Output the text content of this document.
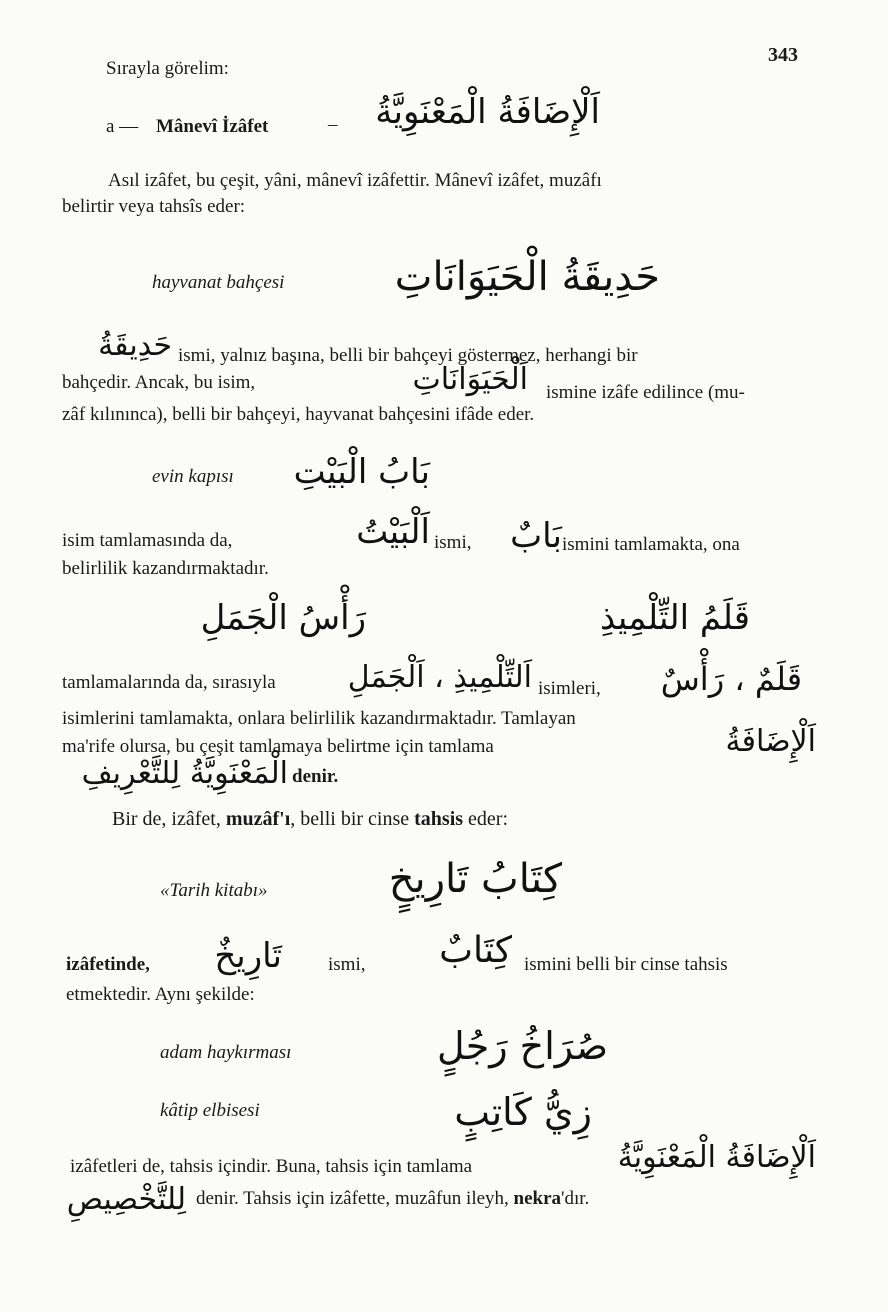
343
Sırayla görelim:
a — Mânevî İzâfet	– اَلْإِضَافَةُ الْمَعْنَوِيَّةُ
Asıl izâfet, bu çeşit, yâni, mânevî izâfettir. Mânevî izâfet, muzâfı
belirtir veya tahsîs eder:
hayvanat bahçesi	حَدِيقَةُ الْحَيَوَانَاتِ
حَدِيقَةُ ismi, yalnız başına, belli bir bahçeyi göstermez, herhangi bir
bahçedir. Ancak, bu isim,	اَلْحَيَوَانَاتِ ismine izâfe edilince (mu-
zâf kılınınca), belli bir bahçeyi, hayvanat bahçesini ifâde eder.
evin kapısı بَابُ الْبَيْتِ
isim tamlamasında da,	اَلْبَيْتُ ismi, بَابٌ ismini tamlamakta, ona
belirlilik kazandırmaktadır.
رَأْسُ الْجَمَلِ	قَلَمُ التِّلْمِيذِ
tamlamalarında da, sırasıyla اَلتِّلْمِيذِ ، اَلْجَمَلِ isimleri, قَلَمٌ ، رَأْسٌ
isimlerini tamlamakta, onlara belirlilik kazandırmaktadır. Tamlayan
ma'rife olursa, bu çeşit tamlamaya belirtme için tamlama	اَلْإِضَافَةُ
الْمَعْنَوِيَّةُ لِلتَّعْرِيفِ denir.
Bir de, izâfet, muzâf'ı, belli bir cinse tahsis eder:
«Tarih kitabı»	كِتَابُ تَارِيخٍ
izâfetinde, تَارِيخٌ ismi, كِتَابٌ ismini belli bir cinse tahsis
etmektedir. Aynı şekilde:
adam haykırması	صُرَاخُ رَجُلٍ
kâtip elbisesi	زِيُّ كَاتِبٍ
izâfetleri de, tahsis içindir. Buna, tahsis için tamlama	اَلْإِضَافَةُ الْمَعْنَوِيَّةُ
لِلتَّخْصِيصِ denir. Tahsis için izâfette, muzâfun ileyh, nekra'dır.
